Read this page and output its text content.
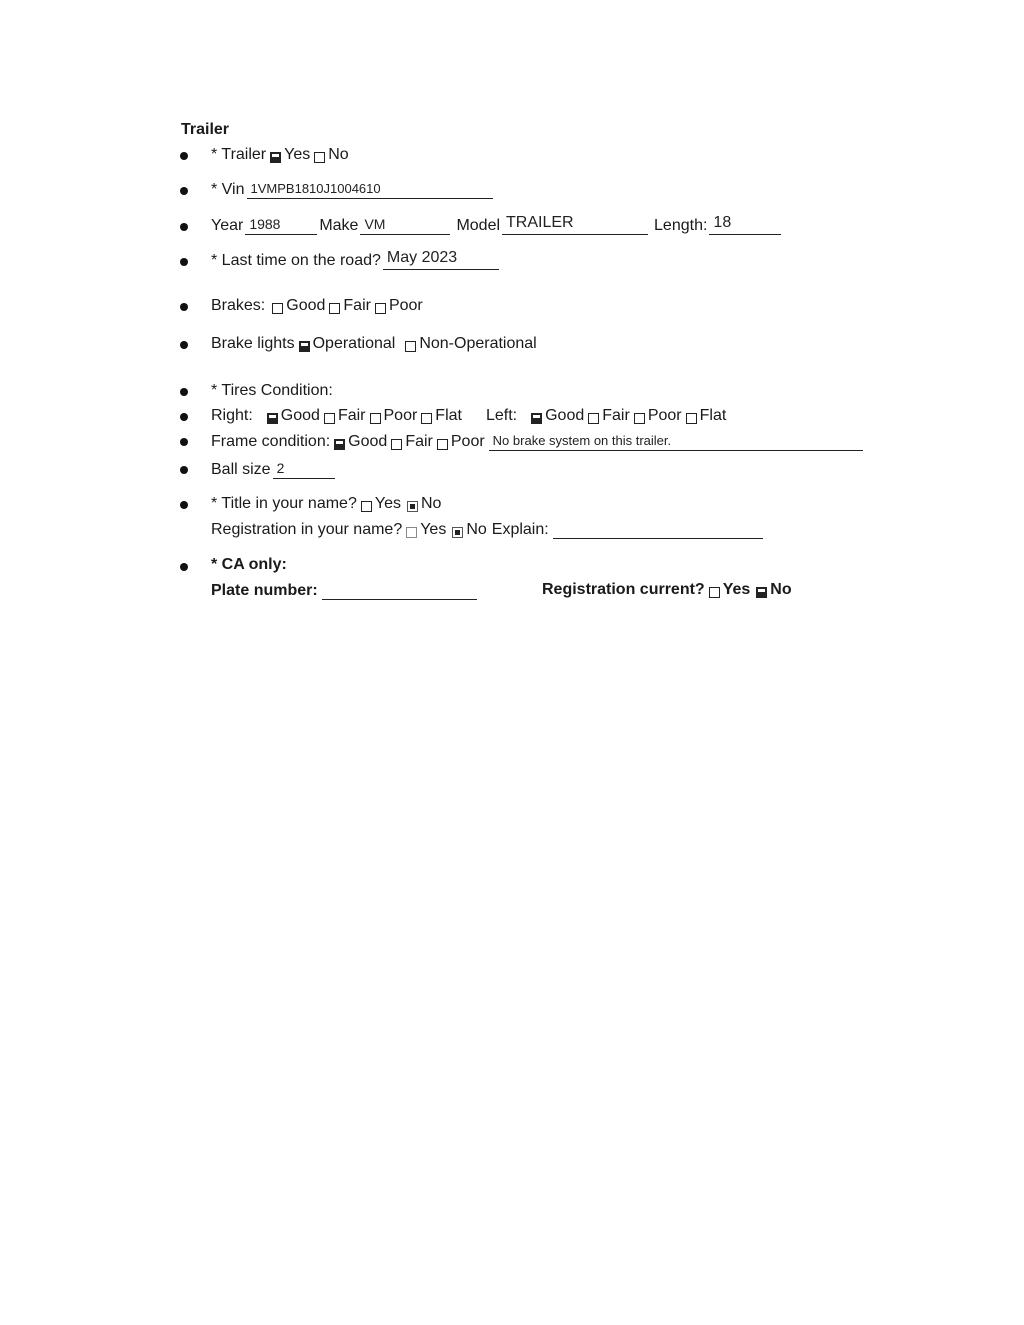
Trailer
* Trailer Yes No
* Vin 1VMPB1810J1004610
Year 1988 Make VM	Model TRAILER	Length: 18
* Last time on the road? May 2023
Brakes: Good Fair Poor
Brake lights Operational Non-Operational
* Tires Condition:
Right: Good Fair Poor Flat Left: Good Fair Poor Flat
Frame condition: Good Fair Poor No brake system on this trailer.
Ball size 2
* Title in your name? Yes No
Registration in your name? Yes No Explain:
* CA only:
Plate number:	Registration current? Yes No
